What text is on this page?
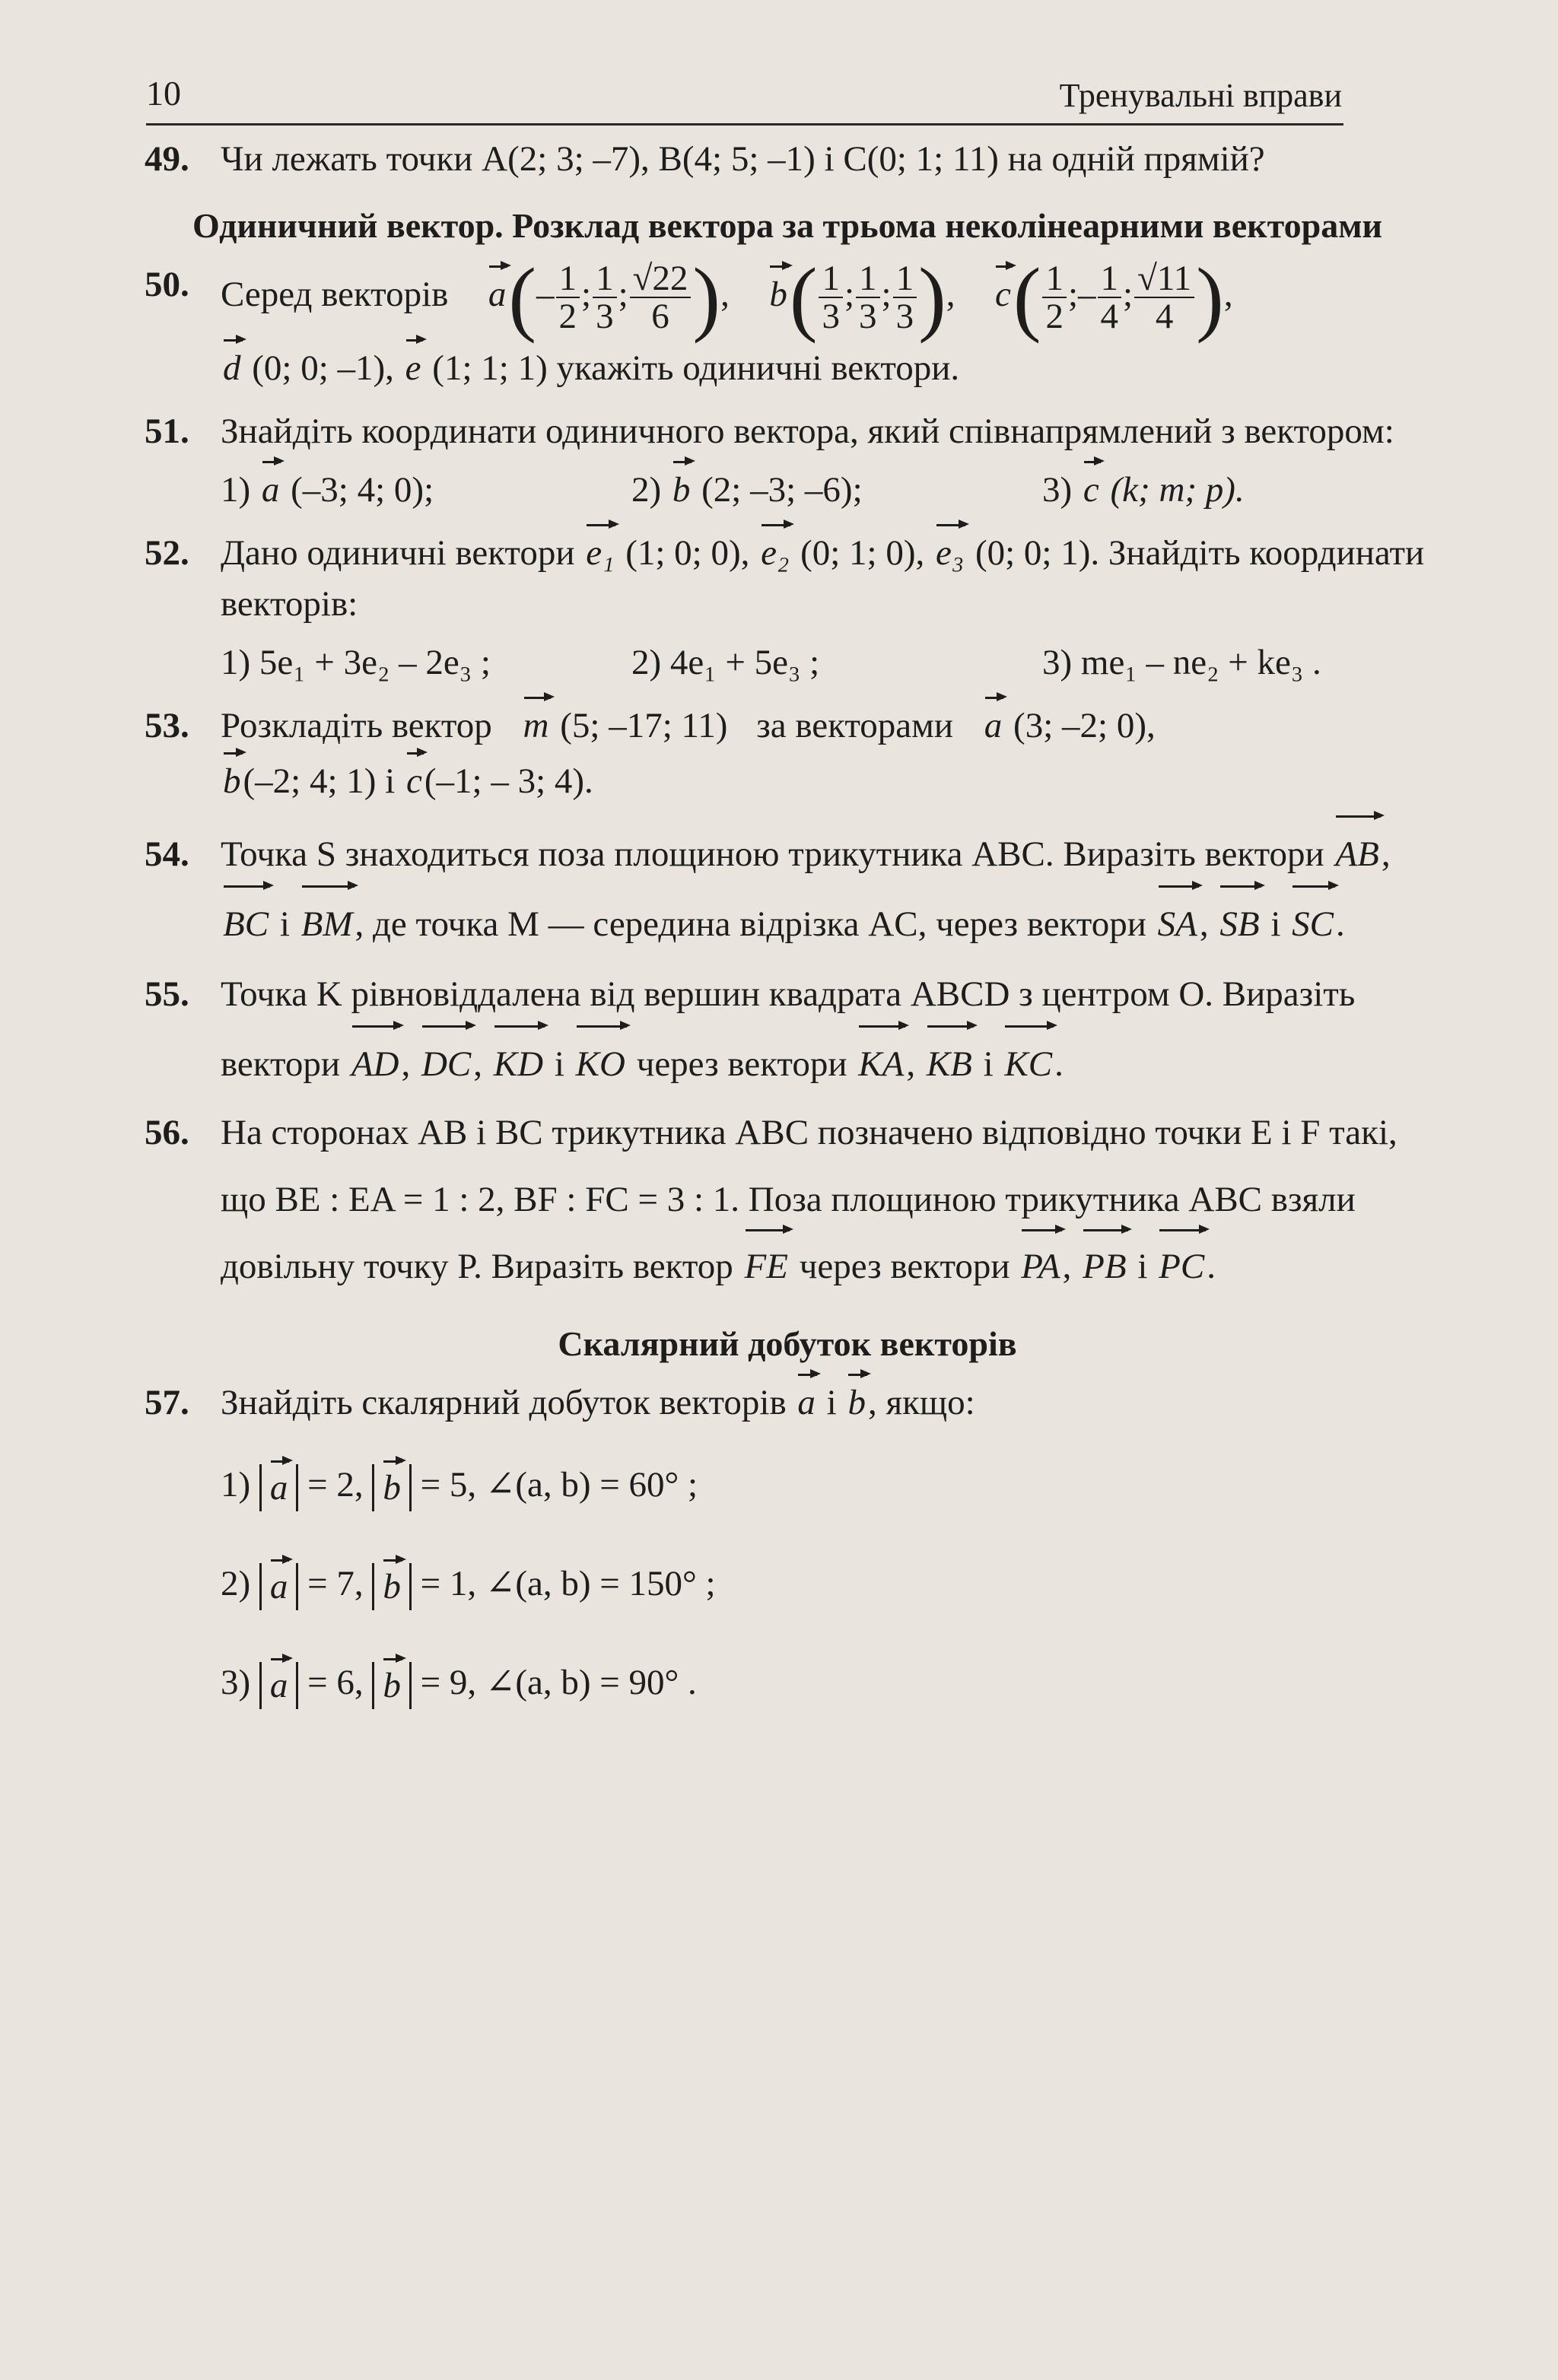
10	Тренувальні вправи
49. Чи лежать точки A(2; 3; –7), B(4; 5; –1) і C(0; 1; 11) на одній прямій?
Одиничний вектор. Розклад вектора за трьома неколінеарними векторами
50. Серед векторів $a(- \frac{1}{2}$ ; $\frac{1}{3}$ ; $\frac{√22}{6}$ ),  $b( \frac{1}{3}$ ; $\frac{1}{3}$ ; $\frac{1}{3}$ ),  $c( \frac{1}{2}$ ;– $\frac{1}{4}$ ; $\frac{√11}{4}$ ),
d (0; 0; –1), e (1; 1; 1) укажіть одиничні вектори.
51. Знайдіть координати одиничного вектора, який співнапрямлений з вектором:
1) a (–3; 4; 0);	2) b (2; –3; –6);	3) c (k; m; p).
52. Дано одиничні вектори e₁ (1; 0; 0), e₂ (0; 1; 0), e₃ (0; 0; 1). Знайдіть координати векторів:
1) 5e₁ + 3e₂ – 2e₃ ;	2) 4e₁ + 5e₃ ;	3) me₁ – ne₂ + ke₃ .
53. Розкладіть вектор m (5; –17; 11) за векторами a (3; –2; 0),
b(–2; 4; 1) і c(–1; – 3; 4).
54. Точка S знаходиться поза площиною трикутника ABC. Виразіть вектори AB, BC і BM, де точка M — середина відрізка AC, через вектори SA, SB і SC.
55. Точка K рівновіддалена від вершин квадрата ABCD з центром O. Виразіть вектори AD, DC, KD і KO через вектори KA, KB і KC.
56. На сторонах AB і BC трикутника ABC позначено відповідно точки E і F такі, що BE : EA = 1 : 2, BF : FC = 3 : 1. Поза площиною трикутника ABC взяли довільну точку P. Виразіть вектор FE через вектори PA, PB і PC.
Скалярний добуток векторів
57. Знайдіть скалярний добуток векторів a і b, якщо:
1) a = 2, b = 5, ∠(a, b) = 60° ;
2) a = 7, b = 1, ∠(a, b) = 150° ;
3) a = 6, b = 9, ∠(a, b) = 90° .
